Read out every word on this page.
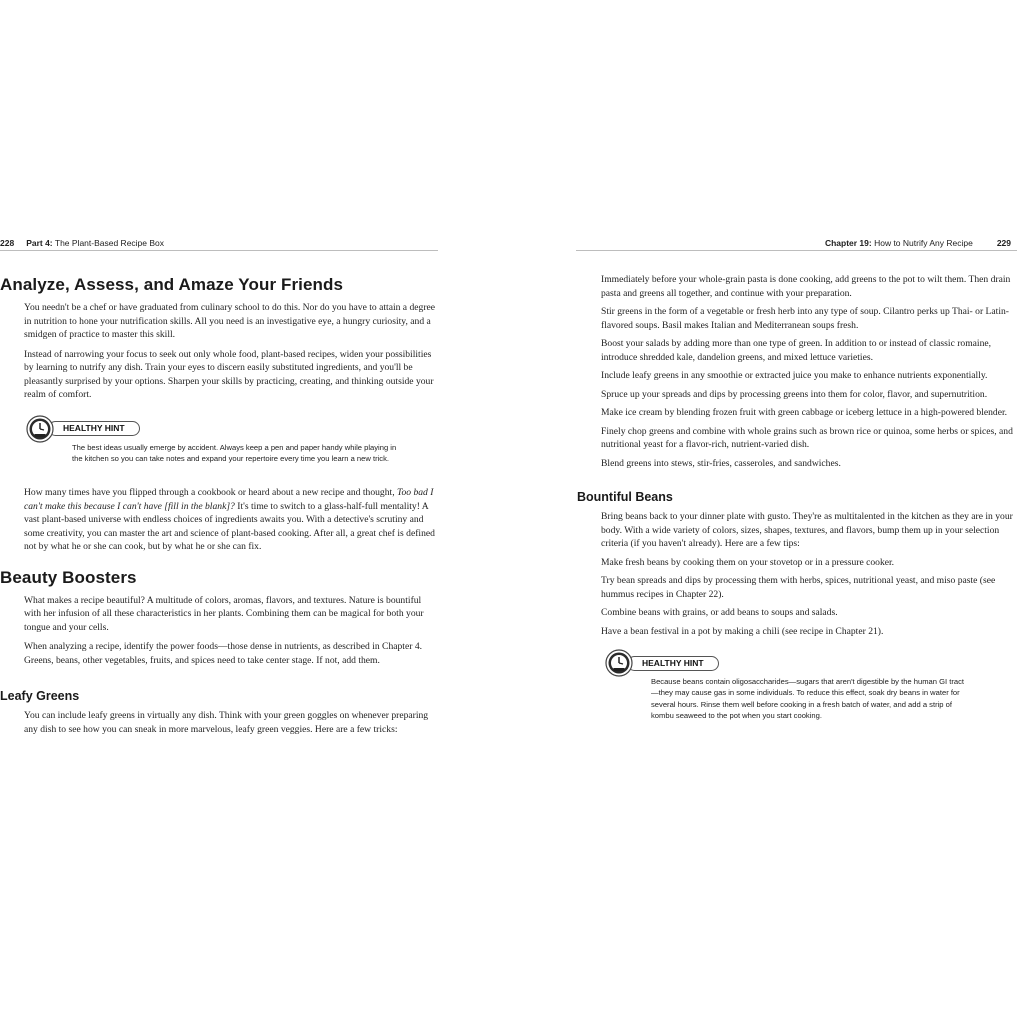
228 Part 4: The Plant-Based Recipe Box
Analyze, Assess, and Amaze Your Friends

You needn't be a chef or have graduated from culinary school to do this. Nor do you have to attain a degree in nutrition to hone your nutrification skills. All you need is an investigative eye, a hungry curiosity, and a smidgen of practice to master this skill.

Instead of narrowing your focus to seek out only whole food, plant-based recipes, widen your possibilities by learning to nutrify any dish. Train your eyes to discern easily substituted ingredients, and you'll be pleasantly surprised by your options. Sharpen your skills by practicing, creating, and thinking outside your realm of comfort.

HEALTHY HINT
The best ideas usually emerge by accident. Always keep a pen and paper handy while playing in the kitchen so you can take notes and expand your repertoire every time you learn a new trick.

How many times have you flipped through a cookbook or heard about a new recipe and thought, Too bad I can't make this because I can't have [fill in the blank]? It's time to switch to a glass-half-full mentality! A vast plant-based universe with endless choices of ingredients awaits you. With a detective's scrutiny and some creativity, you can master the art and science of plant-based cooking. After all, a great chef is defined not by what he or she can cook, but by what he or she can fix.

Beauty Boosters

What makes a recipe beautiful? A multitude of colors, aromas, flavors, and textures. Nature is bountiful with her infusion of all these characteristics in her plants. Combining them can be magical for both your tongue and your cells.

When analyzing a recipe, identify the power foods—those dense in nutrients, as described in Chapter 4. Greens, beans, other vegetables, fruits, and spices need to take center stage. If not, add them.

Leafy Greens

You can include leafy greens in virtually any dish. Think with your green goggles on whenever preparing any dish to see how you can sneak in more marvelous, leafy green veggies. Here are a few tricks:

Chapter 19: How to Nutrify Any Recipe	229

Immediately before your whole-grain pasta is done cooking, add greens to the pot to wilt them. Then drain pasta and greens all together, and continue with your preparation.

Stir greens in the form of a vegetable or fresh herb into any type of soup. Cilantro perks up Thai- or Latin-flavored soups. Basil makes Italian and Mediterranean soups fresh.

Boost your salads by adding more than one type of green. In addition to or instead of classic romaine, introduce shredded kale, dandelion greens, and mixed lettuce varieties.

Include leafy greens in any smoothie or extracted juice you make to enhance nutrients exponentially.

Spruce up your spreads and dips by processing greens into them for color, flavor, and supernutrition.

Make ice cream by blending frozen fruit with green cabbage or iceberg lettuce in a high-powered blender.

Finely chop greens and combine with whole grains such as brown rice or quinoa, some herbs or spices, and nutritional yeast for a flavor-rich, nutrient-varied dish.

Blend greens into stews, stir-fries, casseroles, and sandwiches.

Bountiful Beans

Bring beans back to your dinner plate with gusto. They're as multitalented in the kitchen as they are in your body. With a wide variety of colors, sizes, shapes, textures, and flavors, bump them up in your selection criteria (if you haven't already). Here are a few tips:

Make fresh beans by cooking them on your stovetop or in a pressure cooker.

Try bean spreads and dips by processing them with herbs, spices, nutritional yeast, and miso paste (see hummus recipes in Chapter 22).

Combine beans with grains, or add beans to soups and salads.

Have a bean festival in a pot by making a chili (see recipe in Chapter 21).

HEALTHY HINT
Because beans contain oligosaccharides—sugars that aren't digestible by the human GI tract—they may cause gas in some individuals. To reduce this effect, soak dry beans in water for several hours. Rinse them well before cooking in a fresh batch of water, and add a strip of kombu seaweed to the pot when you start cooking.
